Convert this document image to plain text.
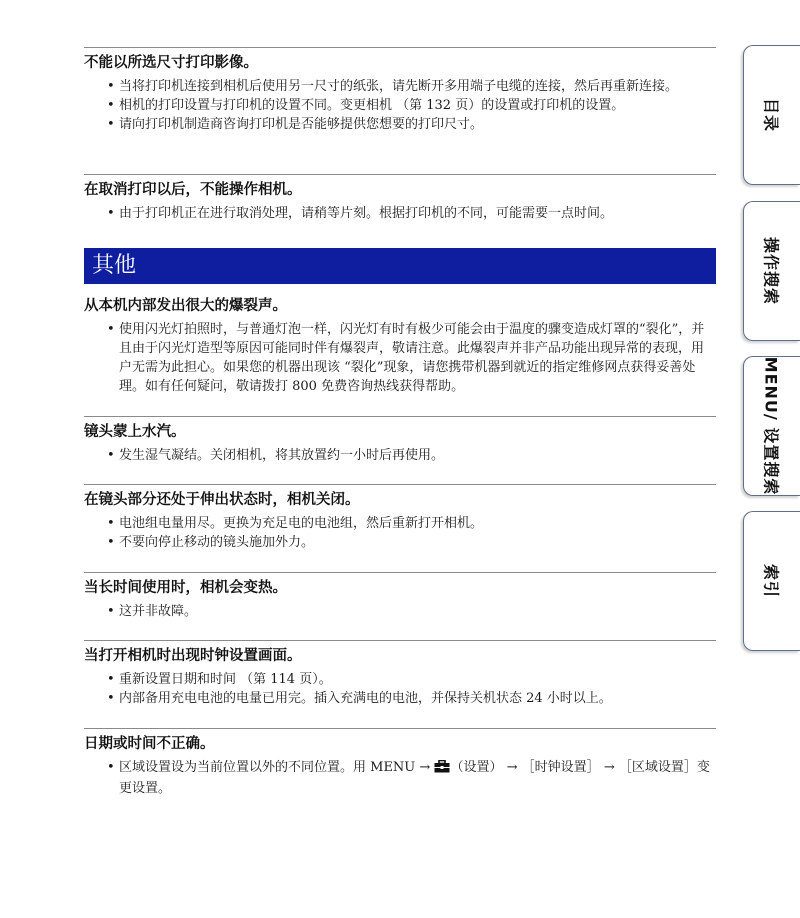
不能以所选尺寸打印影像。
• 当将打印机连接到相机后使用另一尺寸的纸张，请先断开多用端子电缆的连接，然后再重新连接。
• 相机的打印设置与打印机的设置不同。变更相机 （第 132 页）的设置或打印机的设置。
• 请向打印机制造商咨询打印机是否能够提供您想要的打印尺寸。
在取消打印以后，不能操作相机。
• 由于打印机正在进行取消处理，请稍等片刻。根据打印机的不同，可能需要一点时间。
其他
从本机内部发出很大的爆裂声。
• 使用闪光灯拍照时，与普通灯泡一样，闪光灯有时有极少可能会由于温度的骤变造成灯罩的“裂化”，并且由于闪光灯造型等原因可能同时伴有爆裂声，敬请注意。此爆裂声并非产品功能出现异常的表现，用户无需为此担心。如果您的机器出现该 “裂化”现象，请您携带机器到就近的指定维修网点获得妥善处理。如有任何疑问，敬请拨打 800 免费咨询热线获得帮助。
镜头蒙上水汽。
• 发生湿气凝结。关闭相机，将其放置约一小时后再使用。
在镜头部分还处于伸出状态时，相机关闭。
• 电池组电量用尽。更换为充足电的电池组，然后重新打开相机。
• 不要向停止移动的镜头施加外力。
当长时间使用时，相机会变热。
• 这并非故障。
当打开相机时出现时钟设置画面。
• 重新设置日期和时间 （第 114 页）。
• 内部备用充电电池的电量已用完。插入充满电的电池，并保持关机状态 24 小时以上。
日期或时间不正确。
• 区域设置设为当前位置以外的不同位置。用 MENU → （设置） → ［时钟设置］ → ［区域设置］变更设置。
目录
操作搜索
MENU/ 设置搜索
索引
